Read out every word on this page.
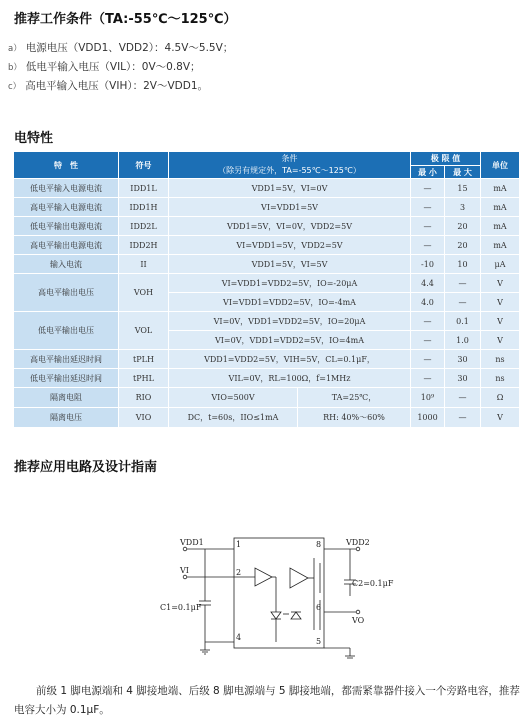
推荐工作条件（TA:-55℃～125℃）
a） 电源电压（VDD1、VDD2）：4.5V～5.5V；
b） 低电平输入电压（VIL）：0V～0.8V；
c） 高电平输入电压（VIH）：2V～VDD1。
电特性
特　性	符号	条件
（除另有规定外，TA=-55℃～125℃）	极 限 值		单位
			最 小	最 大	
低电平输入电源电流	IDD1L	VDD1=5V，VI=0V	—	15	mA
高电平输入电源电流	IDD1H	VI=VDD1=5V	—	3	mA
低电平输出电源电流	IDD2L	VDD1=5V，VI=0V，VDD2=5V	—	20	mA
高电平输出电源电流	IDD2H	VI=VDD1=5V，VDD2=5V	—	20	mA
输入电流	II	VDD1=5V，VI=5V	-10	10	μA
高电平输出电压	VOH	VI=VDD1=VDD2=5V，IO=-20μA	4.4	—	V
		VI=VDD1=VDD2=5V，IO=-4mA	4.0	—	V
低电平输出电压	VOL	VI=0V，VDD1=VDD2=5V，IO=20μA	—	0.1	V
		VI=0V，VDD1=VDD2=5V，IO=4mA	—	1.0	V
高电平输出延迟时间	tPLH	VDD1=VDD2=5V，VIH=5V，CL=0.1μF，	—	30	ns
低电平输出延迟时间	tPHL	VIL=0V，RL=100Ω，f=1MHz	—	30	ns
隔离电阻	RIO	VIO=500V TA=25℃，	10⁹	—	Ω
隔离电压	VIO	DC，t=60s，IIO≤1mA RH: 40%～60%	1000	—	V
推荐应用电路及设计指南
VDD1
VI
C1=0.1μF
VDD2
C2=0.1μF
VO
1
2
4
8
6
5
前级 1 脚电源端和 4 脚接地端、后级 8 脚电源端与 5 脚接地端，都需紧靠器件接入一个旁路电容，推荐电容大小为 0.1μF。
